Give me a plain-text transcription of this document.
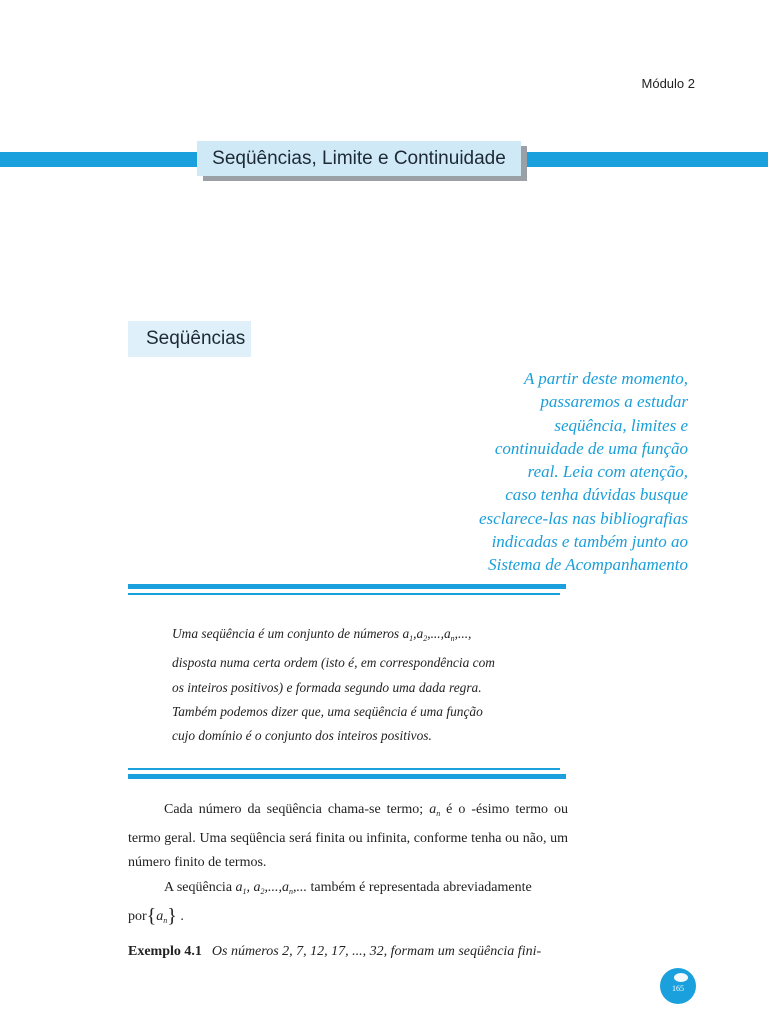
Módulo 2
Seqüências, Limite e Continuidade
Seqüências
A partir deste momento,
passaremos a estudar
seqüência, limites e
continuidade de uma função
real. Leia com atenção,
caso tenha dúvidas busque
esclarece-las nas bibliografias
indicadas e também junto ao
Sistema de Acompanhamento
Uma seqüência é um conjunto de números $a_1,a_2,...,a_n$,...,
disposta numa certa ordem (isto é, em correspondência com
os inteiros positivos) e formada segundo uma dada regra.
Também podemos dizer que, uma seqüência é uma função
cujo domínio é o conjunto dos inteiros positivos.

Cada número da seqüência chama-se termo; $a_n$ é o -ésimo termo ou termo geral. Uma seqüência será finita ou infinita, conforme tenha ou não, um número finito de termos.

A seqüência $a_1$, $a_2,...,a_n$,... também é representada abreviadamente

$por\{a_n\}$ .

Exemplo 4.1 Os números 2, 7, 12, 17, ..., 32, formam um seqüência fini-
165
